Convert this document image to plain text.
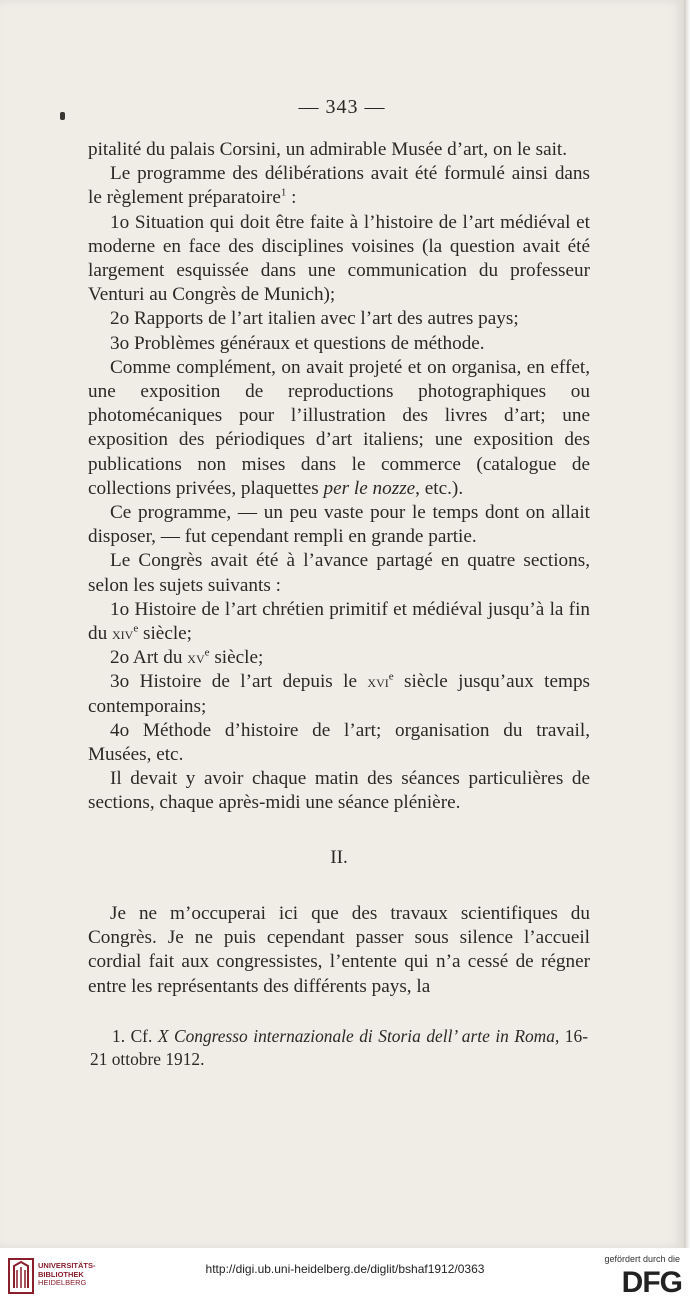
— 343 —

pitalité du palais Corsini, un admirable Musée d’art, on le sait.

Le programme des délibérations avait été formulé ainsi dans le règlement préparatoire$^1$ :

1o Situation qui doit être faite à l’histoire de l’art médiéval et moderne en face des disciplines voisines (la question avait été largement esquissée dans une communication du professeur Venturi au Congrès de Munich);

2o Rapports de l’art italien avec l’art des autres pays;

3o Problèmes généraux et questions de méthode.

Comme complément, on avait projeté et on organisa, en effet, une exposition de reproductions photographiques ou photomécaniques pour l’illustration des livres d’art; une exposition des périodiques d’art italiens; une exposition des publications non mises dans le commerce (catalogue de collections privées, plaquettes per le nozze, etc.).

Ce programme, — un peu vaste pour le temps dont on allait disposer, — fut cependant rempli en grande partie.

Le Congrès avait été à l’avance partagé en quatre sections, selon les sujets suivants :

1o Histoire de l’art chrétien primitif et médiéval jusqu’à la fin du xiv$^e$ siècle;

2o Art du $xv^e$ siècle;

3o Histoire de l’art depuis le xvi$^e$ siècle jusqu’aux temps contemporains;

4o Méthode d’histoire de l’art; organisation du travail, Musées, etc.

Il devait y avoir chaque matin des séances particulières de sections, chaque après-midi une séance plénière.

II.

Je ne m’occuperai ici que des travaux scientifiques du Congrès. Je ne puis cependant passer sous silence l’accueil cordial fait aux congressistes, l’entente qui n’a cessé de régner entre les représentants des différents pays, la

1. Cf. X Congresso internazionale di Storia dell’ arte in Roma, 16-21 ottobre 1912.
UNIVERSITÄTS-
BIBLIOTHEK
HEIDELBERG
http://digi.ub.uni-heidelberg.de/diglit/bshaf1912/0363
gefördert durch die
DFG
